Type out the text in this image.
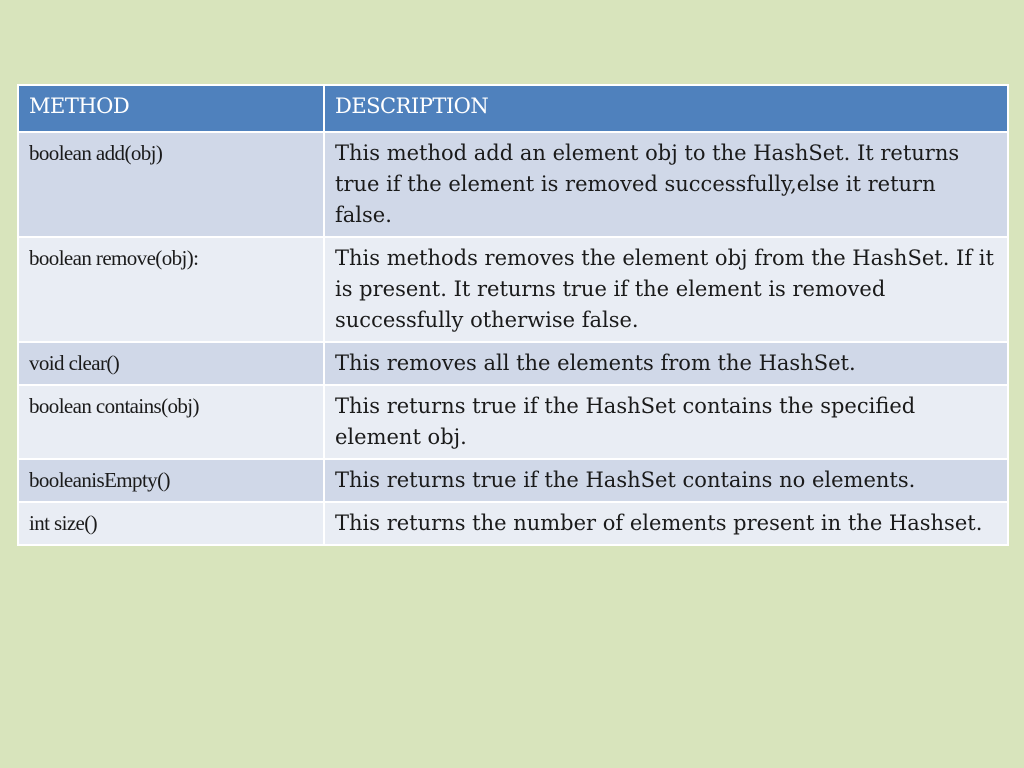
METHOD	DESCRIPTION
boolean add(obj)	This method add an element obj to the HashSet. It returns true if the element is removed successfully,else it return false.
boolean remove(obj):	This methods removes the element obj from the HashSet. If it is present. It returns true if the element is removed successfully otherwise false.
void clear()	This removes all the elements from the HashSet.
boolean contains(obj)	This returns true if the HashSet contains the specified element obj.
booleanisEmpty()	This returns true if the HashSet contains no elements.
int size()	This returns the number of elements present in the Hashset.
